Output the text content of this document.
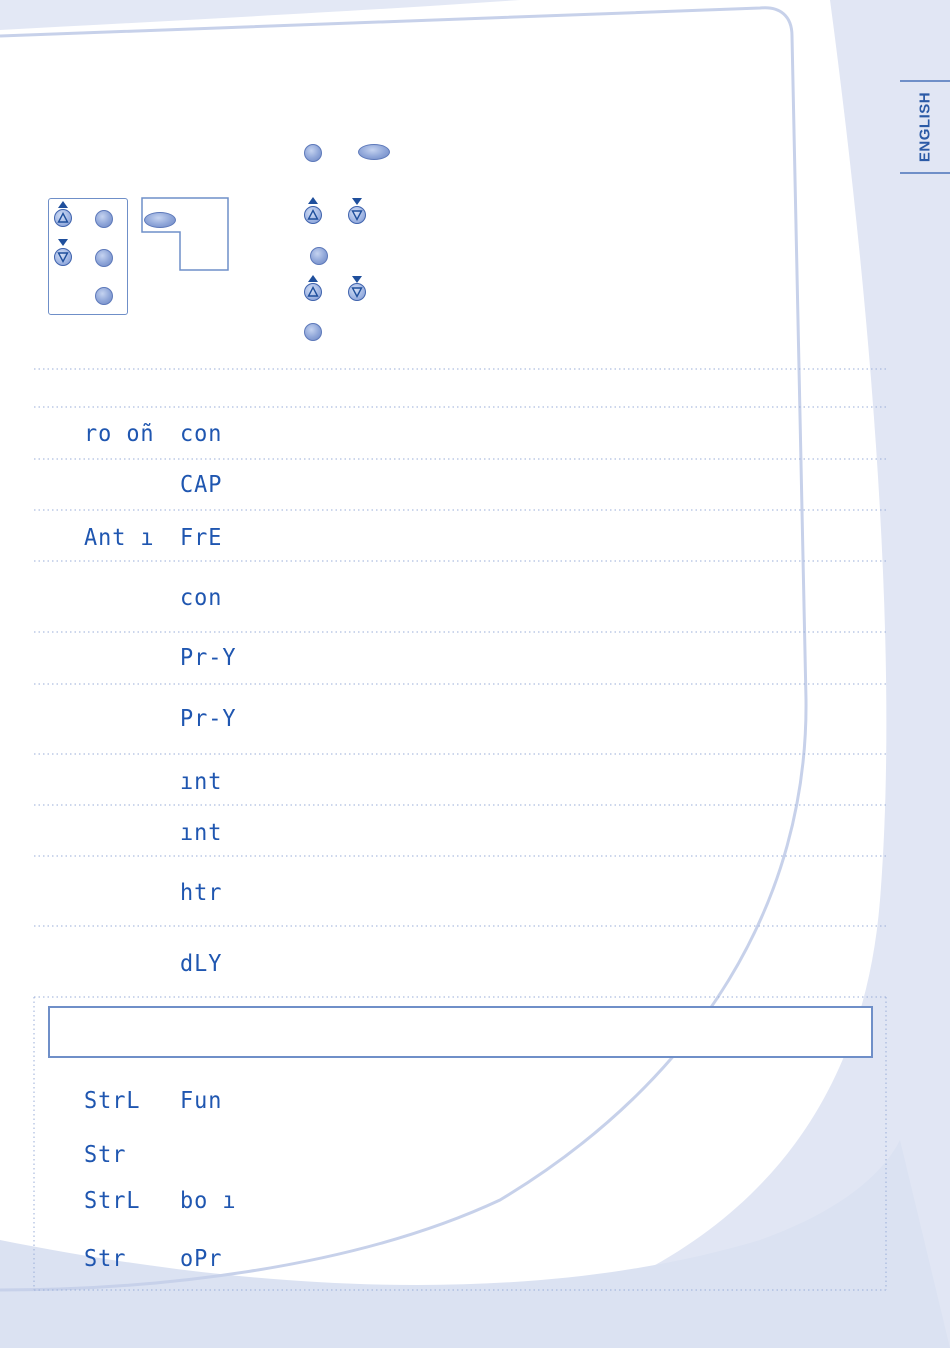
ENGLISH
ro oñ con
CAP
Ant ı FrE
con
Pr-Y
Pr-Y
ınt
ınt
htr
dLY
StrL Fun
Str
StrL bo ı
Str oPr
